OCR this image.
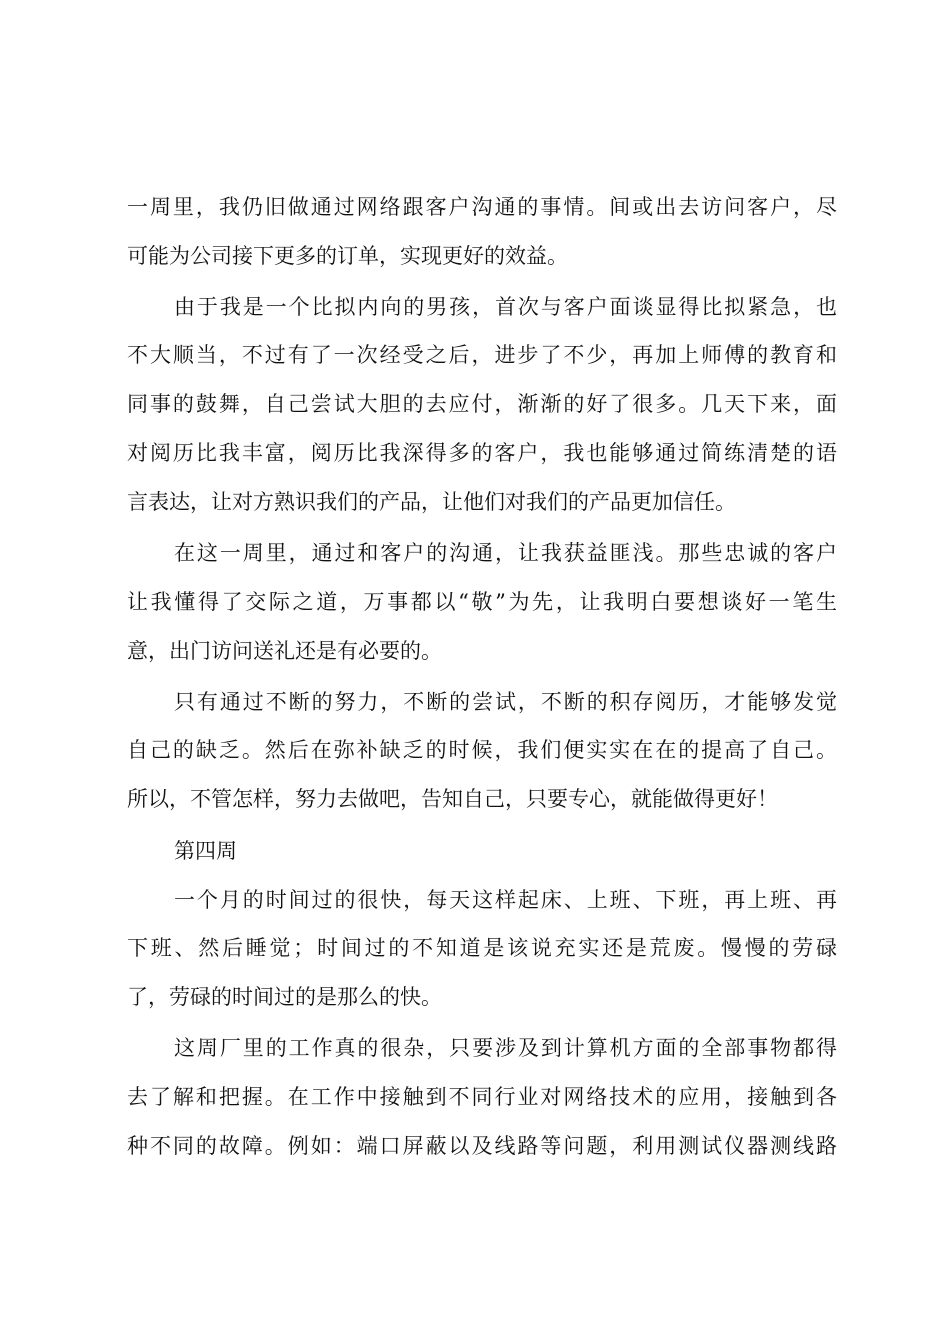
一周里，我仍旧做通过网络跟客户沟通的事情。间或出去访问客户，尽
可能为公司接下更多的订单，实现更好的效益。
由于我是一个比拟内向的男孩，首次与客户面谈显得比拟紧急，也
不大顺当，不过有了一次经受之后，进步了不少，再加上师傅的教育和
同事的鼓舞，自己尝试大胆的去应付，渐渐的好了很多。几天下来，面
对阅历比我丰富，阅历比我深得多的客户，我也能够通过简练清楚的语
言表达，让对方熟识我们的产品，让他们对我们的产品更加信任。
在这一周里，通过和客户的沟通，让我获益匪浅。那些忠诚的客户
让我懂得了交际之道，万事都以“敬”为先，让我明白要想谈好一笔生
意，出门访问送礼还是有必要的。
只有通过不断的努力，不断的尝试，不断的积存阅历，才能够发觉
自己的缺乏。然后在弥补缺乏的时候，我们便实实在在的提高了自己。
所以，不管怎样，努力去做吧，告知自己，只要专心，就能做得更好！
第四周
一个月的时间过的很快，每天这样起床、上班、下班，再上班、再
下班、然后睡觉；时间过的不知道是该说充实还是荒废。慢慢的劳碌
了，劳碌的时间过的是那么的快。
这周厂里的工作真的很杂，只要涉及到计算机方面的全部事物都得
去了解和把握。在工作中接触到不同行业对网络技术的应用，接触到各
种不同的故障。例如：端口屏蔽以及线路等问题，利用测试仪器测线路
